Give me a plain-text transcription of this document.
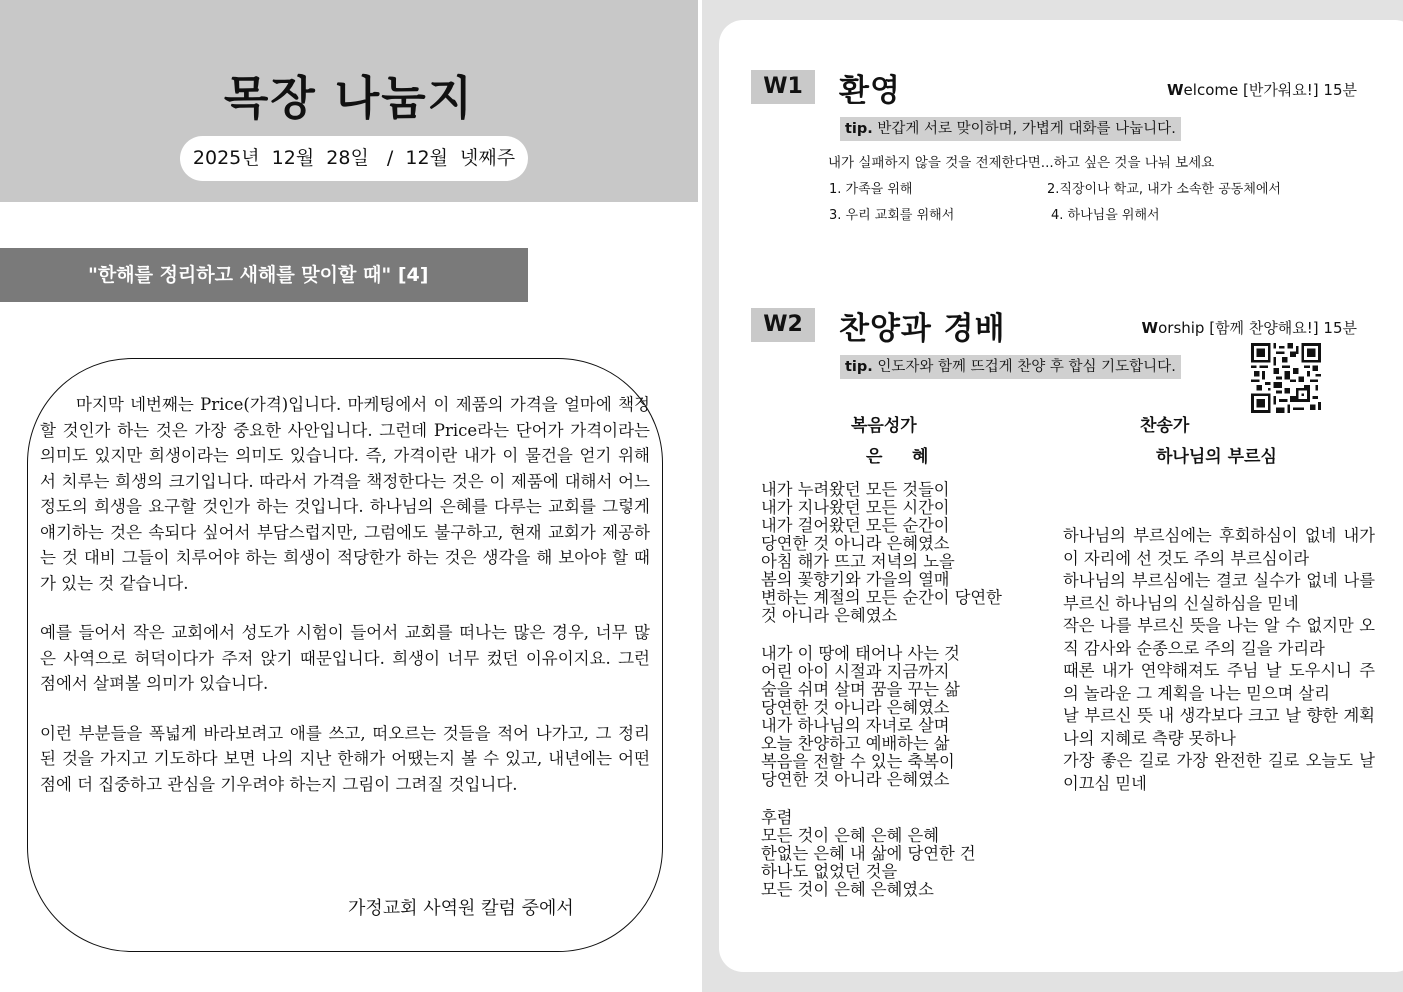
목장 나눔지
2025년  12월  28일   /  12월  넷째주
"한해를 정리하고 새해를 맞이할 때" [4]

마지막 네번째는 Price(가격)입니다. 마케팅에서 이 제품의 가격을 얼마에 책정할 것인가 하는 것은 가장 중요한 사안입니다. 그런데 Price라는 단어가 가격이라는 의미도 있지만 희생이라는 의미도 있습니다. 즉, 가격이란 내가 이 물건을 얻기 위해서 치루는 희생의 크기입니다. 따라서 가격을 책정한다는 것은 이 제품에 대해서 어느 정도의 희생을 요구할 것인가 하는 것입니다. 하나님의 은혜를 다루는 교회를 그렇게 얘기하는 것은 속되다 싶어서 부담스럽지만, 그럼에도 불구하고, 현재 교회가 제공하는 것 대비 그들이 치루어야 하는 희생이 적당한가 하는 것은 생각을 해 보아야 할 때가 있는 것 같습니다.

예를 들어서 작은 교회에서 성도가 시험이 들어서 교회를 떠나는 많은 경우, 너무 많은 사역으로 허덕이다가 주저 앉기 때문입니다. 희생이 너무 컸던 이유이지요. 그런 점에서 살펴볼 의미가 있습니다.

이런 부분들을 폭넓게 바라보려고 애를 쓰고, 떠오르는 것들을 적어 나가고, 그 정리된 것을 가지고 기도하다 보면 나의 지난 한해가 어땠는지 볼 수 있고, 내년에는 어떤 점에 더 집중하고 관심을 기우려야 하는지 그림이 그려질 것입니다.

가정교회 사역원 칼럼 중에서
W1	환영	Welcome [반가워요!] 15분
tip. 반갑게 서로 맞이하며, 가볍게 대화를 나눕니다.
내가 실패하지 않을 것을 전제한다면...하고 싶은 것을 나눠 보세요
1. 가족을 위해	2.직장이나 학교, 내가 소속한 공동체에서
3. 우리 교회를 위해서	4. 하나님을 위해서
W2	찬양과 경배	Worship [함께 찬양해요!] 15분
tip. 인도자와 함께 뜨겁게 찬양 후 합심 기도합니다.
복음성가
은     혜
내가 누려왔던 모든 것들이
내가 지나왔던 모든 시간이
내가 걸어왔던 모든 순간이
당연한 것 아니라 은혜였소
아침 해가 뜨고 저녁의 노을
봄의 꽃향기와 가을의 열매
변하는 계절의 모든 순간이 당연한
것 아니라 은혜였소
내가 이 땅에 태어나 사는 것
어린 아이 시절과 지금까지
숨을 쉬며 살며 꿈을 꾸는 삶
당연한 것 아니라 은혜였소
내가 하나님의 자녀로 살며
오늘 찬양하고 예배하는 삶
복음을 전할 수 있는 축복이
당연한 것 아니라 은혜였소
후렴
모든 것이 은혜 은혜 은혜
한없는 은혜 내 삶에 당연한 건
하나도 없었던 것을
모든 것이 은혜 은혜였소
찬송가
하나님의 부르심
하나님의 부르심에는 후회하심이 없네 내가 이 자리에 선 것도 주의 부르심이라
하나님의 부르심에는 결코 실수가 없네 나를 부르신 하나님의 신실하심을 믿네
작은 나를 부르신 뜻을 나는 알 수 없지만 오직 감사와 순종으로 주의 길을 가리라
때론 내가 연약해져도 주님 날 도우시니 주의 놀라운 그 계획을 나는 믿으며 살리
날 부르신 뜻 내 생각보다 크고 날 향한 계획 나의 지혜로 측량 못하나
가장 좋은 길로 가장 완전한 길로 오늘도 날 이끄심 믿네
